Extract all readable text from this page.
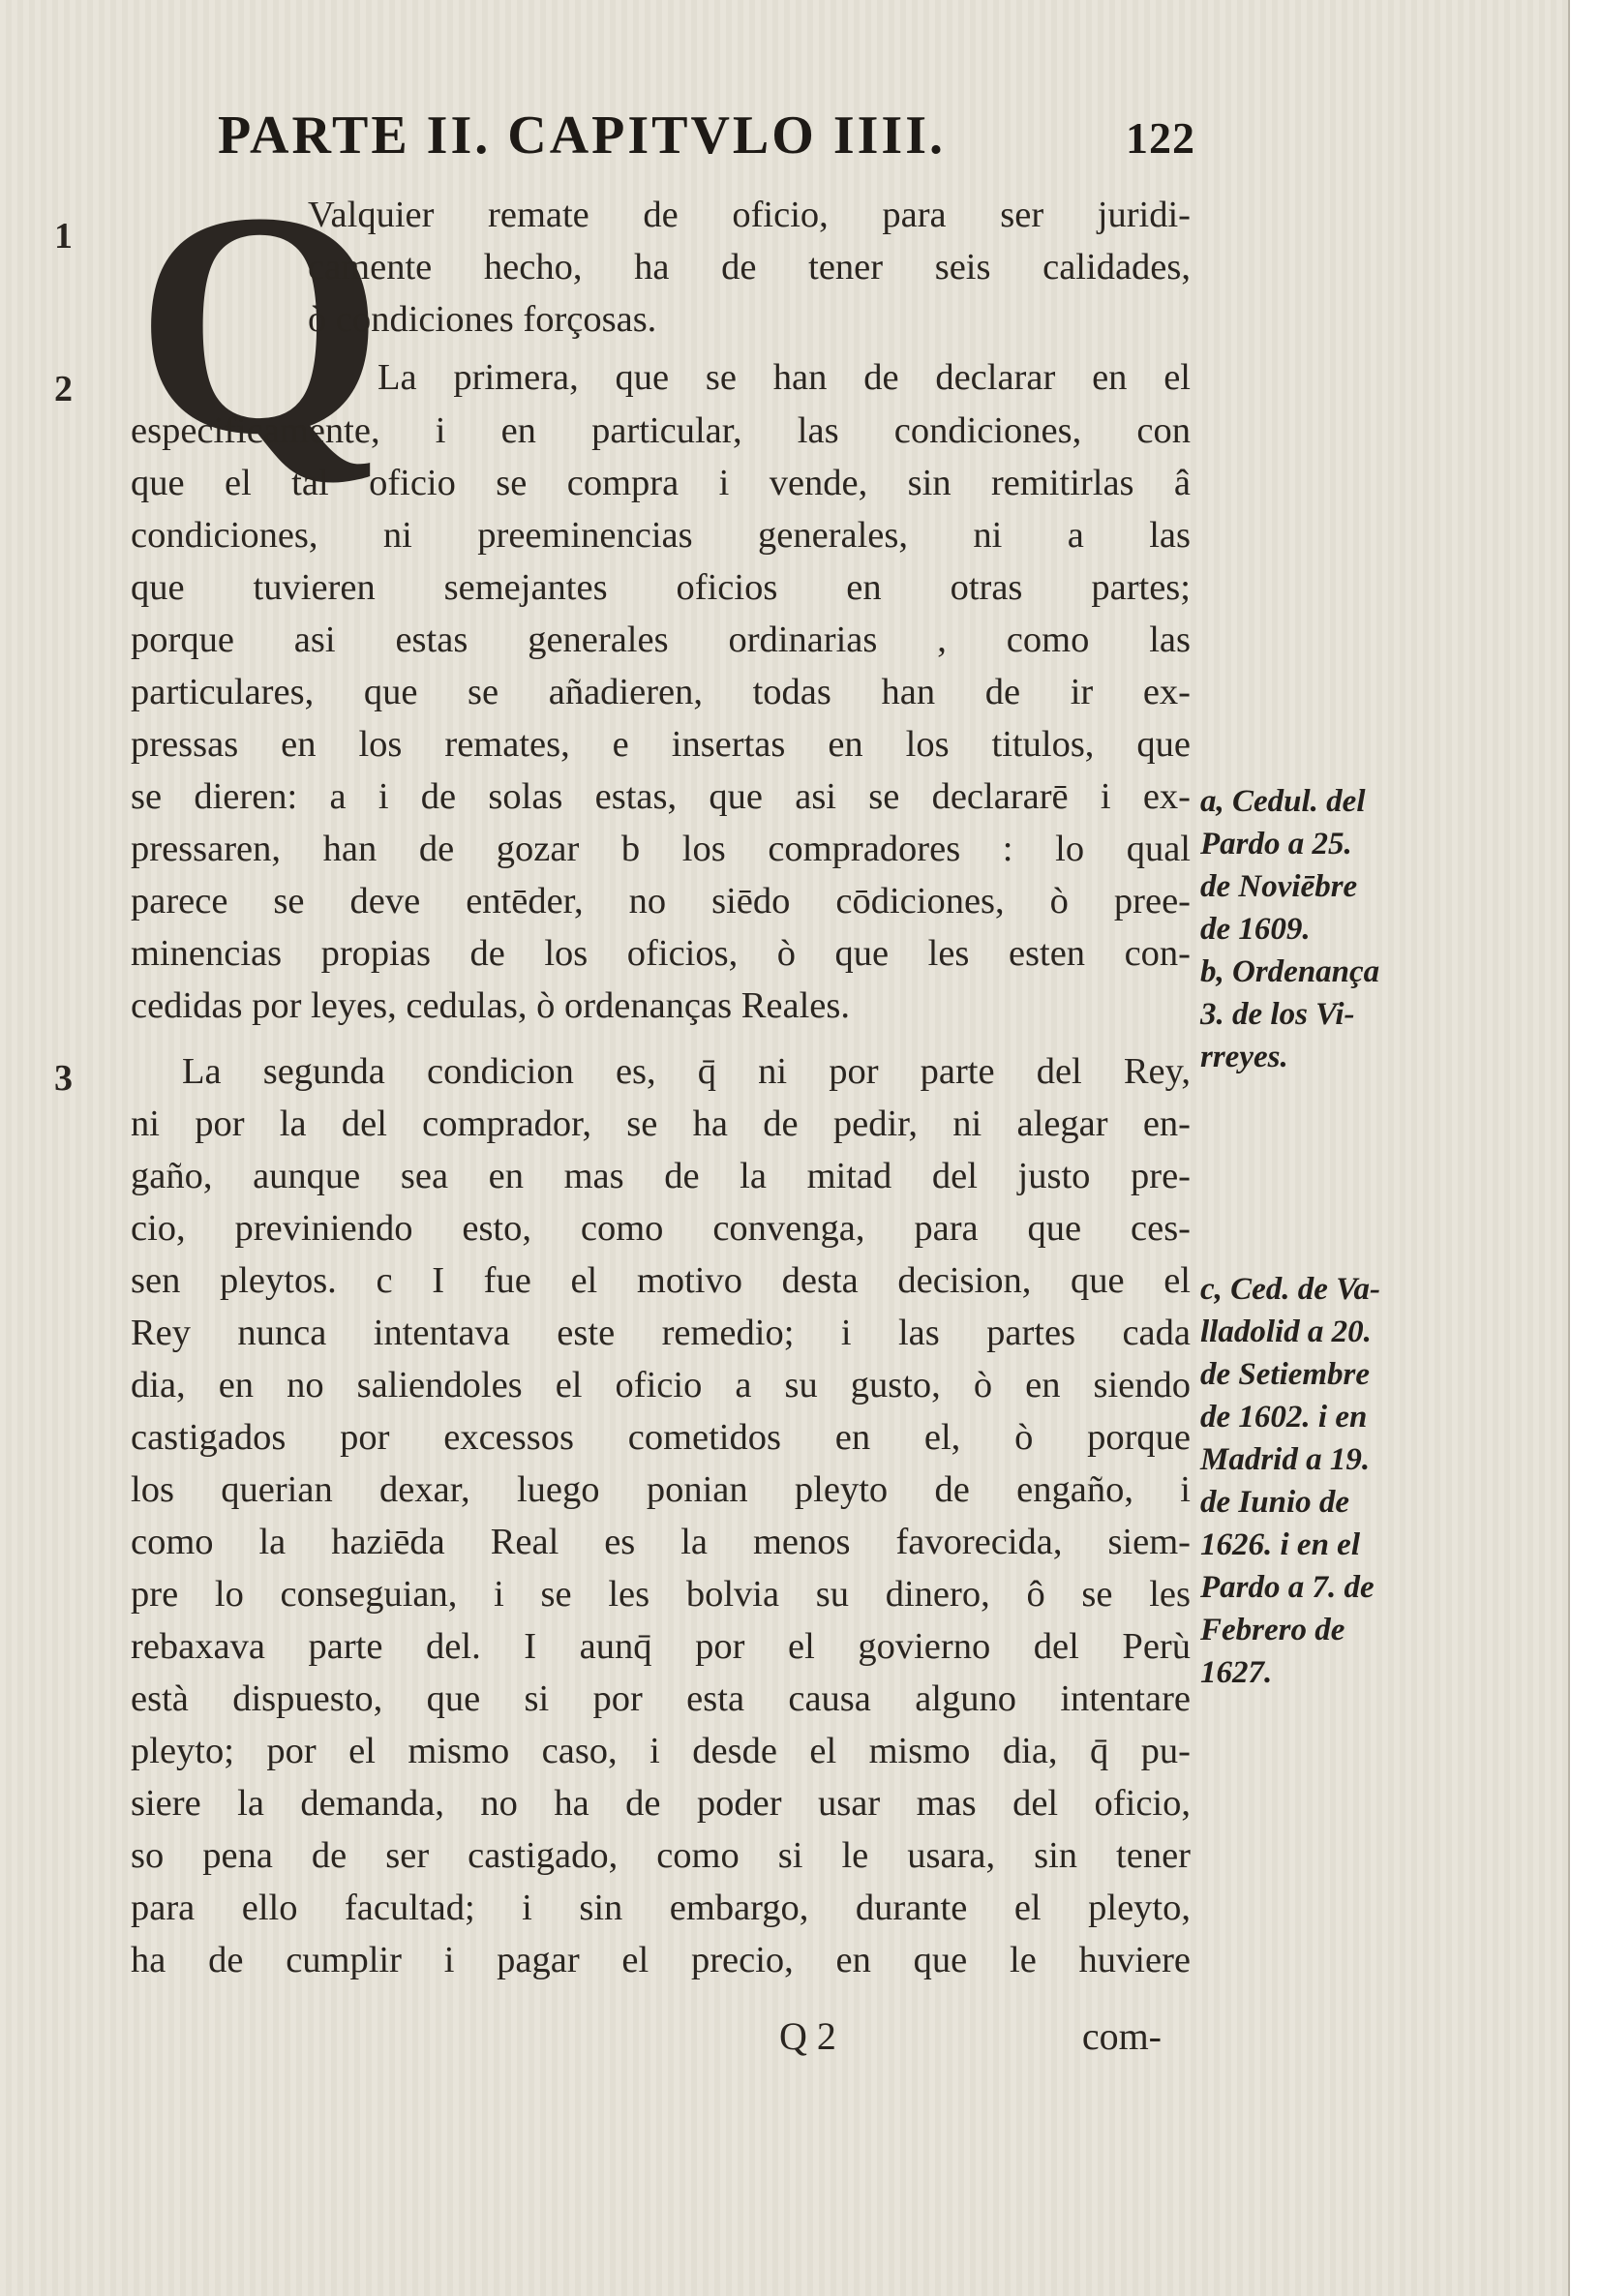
PARTE II. CAPITVLO IIII.	122
Q
1
2
3
Valquier remate de oficio, para ser juridi-
camente hecho, ha de tener seis calidades,
ò condiciones forçosas.
La primera, que se han de declarar en el
especificamente, i en particular, las condiciones, con
que el tal oficio se compra i vende, sin remitirlas â
condiciones, ni preeminencias generales, ni a las
que tuvieren semejantes oficios en otras partes;
porque asi estas generales ordinarias , como las
particulares, que se añadieren, todas han de ir ex-
pressas en los remates, e insertas en los titulos, que
se dieren: a i de solas estas, que asi se declararē i ex-
pressaren, han de gozar b los compradores : lo qual
parece se deve entēder, no siēdo cōdiciones, ò pree-
minencias propias de los oficios, ò que les esten con-
cedidas por leyes, cedulas, ò ordenanças Reales.
La segunda condicion es, q̄ ni por parte del Rey,
ni por la del comprador, se ha de pedir, ni alegar en-
gaño, aunque sea en mas de la mitad del justo pre-
cio, previniendo esto, como convenga, para que ces-
sen pleytos. c I fue el motivo desta decision, que el
Rey nunca intentava este remedio; i las partes cada
dia, en no saliendoles el oficio a su gusto, ò en siendo
castigados por excessos cometidos en el, ò porque
los querian dexar, luego ponian pleyto de engaño, i
como la haziēda Real es la menos favorecida, siem-
pre lo conseguian, i se les bolvia su dinero, ô se les
rebaxava parte del. I aunq̄ por el govierno del Perù
està dispuesto, que si por esta causa alguno intentare
pleyto; por el mismo caso, i desde el mismo dia, q̄ pu-
siere la demanda, no ha de poder usar mas del oficio,
so pena de ser castigado, como si le usara, sin tener
para ello facultad; i sin embargo, durante el pleyto,
ha de cumplir i pagar el precio, en que le huviere
a, Cedul. del
Pardo a 25.
de Noviēbre
de 1609.
b, Ordenança
3. de los Vi-
rreyes.
c, Ced. de Va-
lladolid a 20.
de Setiembre
de 1602. i en
Madrid a 19.
de Iunio de
1626. i en el
Pardo a 7. de
Febrero de
1627.
Q 2	com-
